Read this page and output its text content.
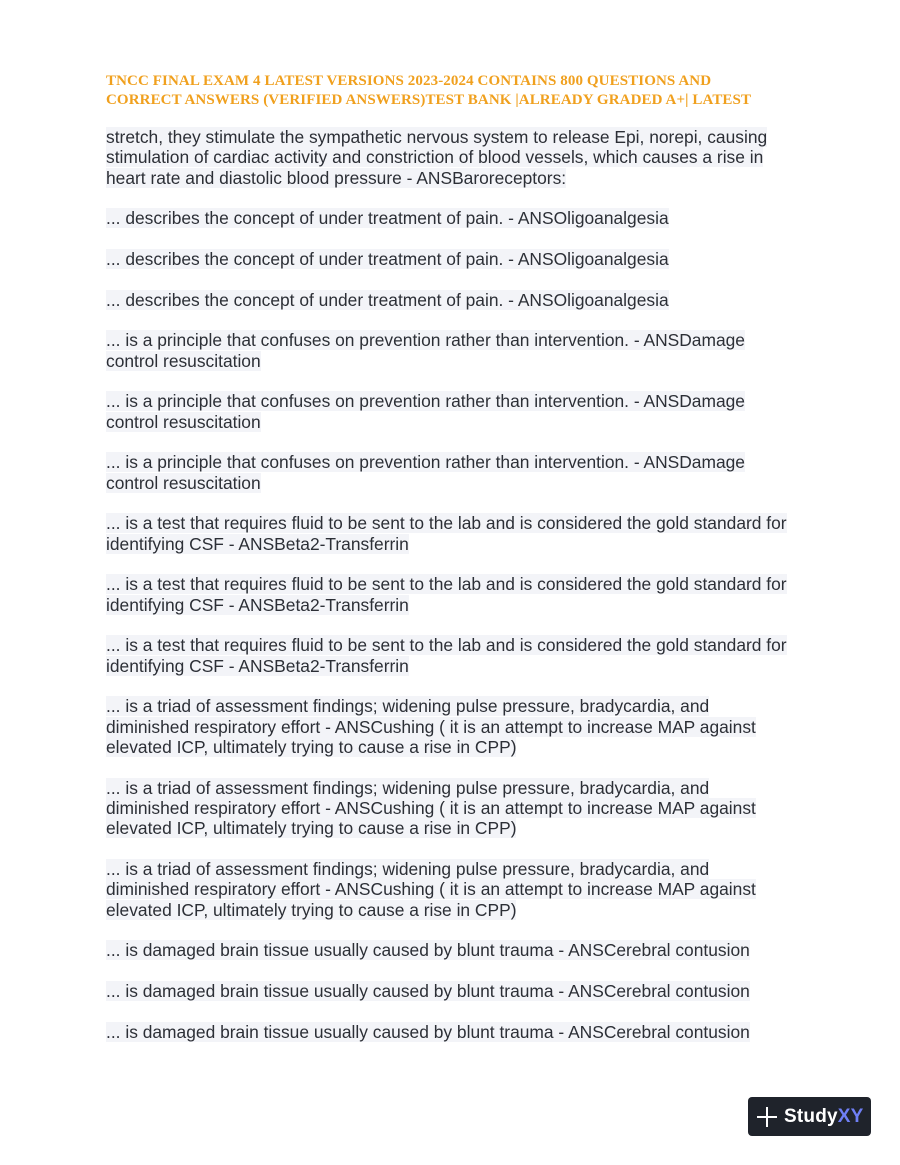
TNCC FINAL EXAM 4 LATEST VERSIONS 2023-2024 CONTAINS 800 QUESTIONS AND CORRECT ANSWERS (VERIFIED ANSWERS)TEST BANK |ALREADY GRADED A+| LATEST

stretch, they stimulate the sympathetic nervous system to release Epi, norepi, causing stimulation of cardiac activity and constriction of blood vessels, which causes a rise in heart rate and diastolic blood pressure - ANSBaroreceptors:

... describes the concept of under treatment of pain. - ANSOligoanalgesia

... describes the concept of under treatment of pain. - ANSOligoanalgesia

... describes the concept of under treatment of pain. - ANSOligoanalgesia

... is a principle that confuses on prevention rather than intervention. - ANSDamage control resuscitation

... is a principle that confuses on prevention rather than intervention. - ANSDamage control resuscitation

... is a principle that confuses on prevention rather than intervention. - ANSDamage control resuscitation

... is a test that requires fluid to be sent to the lab and is considered the gold standard for identifying CSF - ANSBeta2-Transferrin

... is a test that requires fluid to be sent to the lab and is considered the gold standard for identifying CSF - ANSBeta2-Transferrin

... is a test that requires fluid to be sent to the lab and is considered the gold standard for identifying CSF - ANSBeta2-Transferrin

... is a triad of assessment findings; widening pulse pressure, bradycardia, and diminished respiratory effort - ANSCushing ( it is an attempt to increase MAP against elevated ICP, ultimately trying to cause a rise in CPP)

... is a triad of assessment findings; widening pulse pressure, bradycardia, and diminished respiratory effort - ANSCushing ( it is an attempt to increase MAP against elevated ICP, ultimately trying to cause a rise in CPP)

... is a triad of assessment findings; widening pulse pressure, bradycardia, and diminished respiratory effort - ANSCushing ( it is an attempt to increase MAP against elevated ICP, ultimately trying to cause a rise in CPP)

... is damaged brain tissue usually caused by blunt trauma - ANSCerebral contusion

... is damaged brain tissue usually caused by blunt trauma - ANSCerebral contusion

... is damaged brain tissue usually caused by blunt trauma - ANSCerebral contusion

StudyXY
